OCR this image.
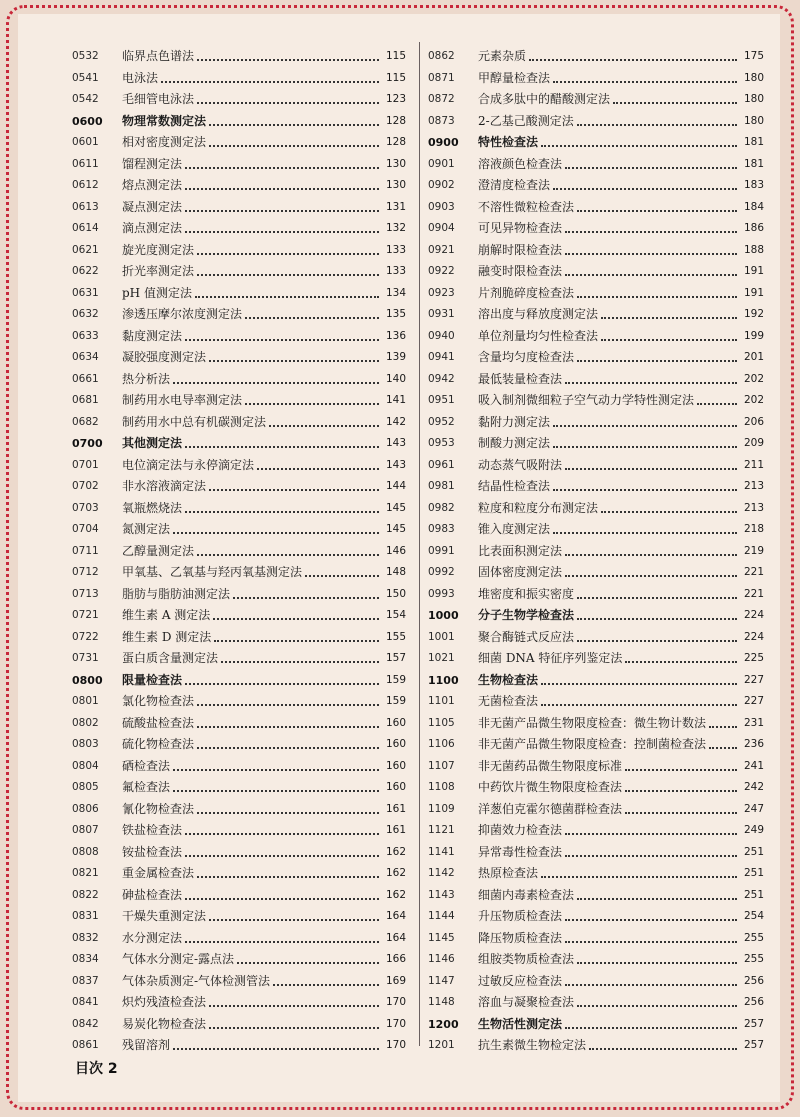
0532	临界点色谱法	115
0541	电泳法	115
0542	毛细管电泳法	123
0600	物理常数测定法	128
0601	相对密度测定法	128
0611	馏程测定法	130
0612	熔点测定法	130
0613	凝点测定法	131
0614	滴点测定法	132
0621	旋光度测定法	133
0622	折光率测定法	133
0631	pH 值测定法	134
0632	渗透压摩尔浓度测定法	135
0633	黏度测定法	136
0634	凝胶强度测定法	139
0661	热分析法	140
0681	制药用水电导率测定法	141
0682	制药用水中总有机碳测定法	142
0700	其他测定法	143
0701	电位滴定法与永停滴定法	143
0702	非水溶液滴定法	144
0703	氧瓶燃烧法	145
0704	氮测定法	145
0711	乙醇量测定法	146
0712	甲氧基、乙氧基与羟丙氧基测定法	148
0713	脂肪与脂肪油测定法	150
0721	维生素 A 测定法	154
0722	维生素 D 测定法	155
0731	蛋白质含量测定法	157
0800	限量检查法	159
0801	氯化物检查法	159
0802	硫酸盐检查法	160
0803	硫化物检查法	160
0804	硒检查法	160
0805	氟检查法	160
0806	氰化物检查法	161
0807	铁盐检查法	161
0808	铵盐检查法	162
0821	重金属检查法	162
0822	砷盐检查法	162
0831	干燥失重测定法	164
0832	水分测定法	164
0834	气体水分测定-露点法	166
0837	气体杂质测定-气体检测管法	169
0841	炽灼残渣检查法	170
0842	易炭化物检查法	170
0861	残留溶剂	170
0862	元素杂质	175
0871	甲醇量检查法	180
0872	合成多肽中的醋酸测定法	180
0873	2-乙基己酸测定法	180
0900	特性检查法	181
0901	溶液颜色检查法	181
0902	澄清度检查法	183
0903	不溶性微粒检查法	184
0904	可见异物检查法	186
0921	崩解时限检查法	188
0922	融变时限检查法	191
0923	片剂脆碎度检查法	191
0931	溶出度与释放度测定法	192
0940	单位剂量均匀性检查法	199
0941	含量均匀度检查法	201
0942	最低装量检查法	202
0951	吸入制剂微细粒子空气动力学特性测定法	202
0952	黏附力测定法	206
0953	制酸力测定法	209
0961	动态蒸气吸附法	211
0981	结晶性检查法	213
0982	粒度和粒度分布测定法	213
0983	锥入度测定法	218
0991	比表面积测定法	219
0992	固体密度测定法	221
0993	堆密度和振实密度	221
1000	分子生物学检查法	224
1001	聚合酶链式反应法	224
1021	细菌 DNA 特征序列鉴定法	225
1100	生物检查法	227
1101	无菌检查法	227
1105	非无菌产品微生物限度检查：微生物计数法	231
1106	非无菌产品微生物限度检查：控制菌检查法	236
1107	非无菌药品微生物限度标准	241
1108	中药饮片微生物限度检查法	242
1109	洋葱伯克霍尔德菌群检查法	247
1121	抑菌效力检查法	249
1141	异常毒性检查法	251
1142	热原检查法	251
1143	细菌内毒素检查法	251
1144	升压物质检查法	254
1145	降压物质检查法	255
1146	组胺类物质检查法	255
1147	过敏反应检查法	256
1148	溶血与凝聚检查法	256
1200	生物活性测定法	257
1201	抗生素微生物检定法	257
目次 2
